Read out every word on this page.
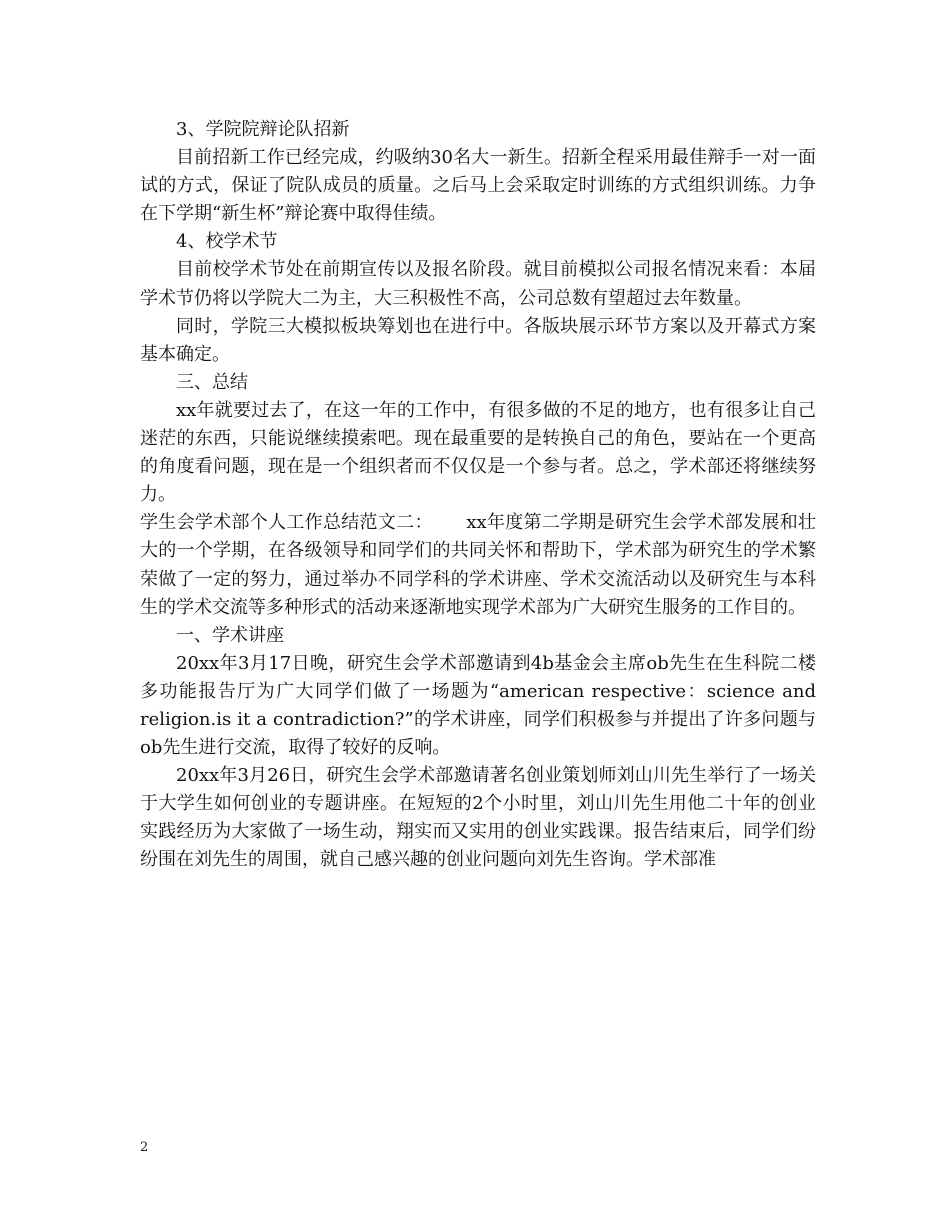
3、学院院辩论队招新

目前招新工作已经完成，约吸纳30名大一新生。招新全程采用最佳辩手一对一面试的方式，保证了院队成员的质量。之后马上会采取定时训练的方式组织训练。力争在下学期“新生杯”辩论赛中取得佳绩。

4、校学术节

目前校学术节处在前期宣传以及报名阶段。就目前模拟公司报名情况来看：本届学术节仍将以学院大二为主，大三积极性不高，公司总数有望超过去年数量。

同时，学院三大模拟板块筹划也在进行中。各版块展示环节方案以及开幕式方案基本确定。

三、总结

xx年就要过去了，在这一年的工作中，有很多做的不足的地方，也有很多让自己迷茫的东西，只能说继续摸索吧。现在最重要的是转换自己的角色，要站在一个更高的角度看问题，现在是一个组织者而不仅仅是一个参与者。总之，学术部还将继续努力。

学生会学术部个人工作总结范文二：　　 xx年度第二学期是研究生会学术部发展和壮大的一个学期，在各级领导和同学们的共同关怀和帮助下，学术部为研究生的学术繁荣做了一定的努力，通过举办不同学科的学术讲座、学术交流活动以及研究生与本科生的学术交流等多种形式的活动来逐渐地实现学术部为广大研究生服务的工作目的。

一、学术讲座

20xx年3月17日晚，研究生会学术部邀请到4b基金会主席ob先生在生科院二楼多功能报告厅为广大同学们做了一场题为“american respective：science and religion.is it a contradiction?”的学术讲座，同学们积极参与并提出了许多问题与ob先生进行交流，取得了较好的反响。

20xx年3月26日，研究生会学术部邀请著名创业策划师刘山川先生举行了一场关于大学生如何创业的专题讲座。在短短的2个小时里，刘山川先生用他二十年的创业实践经历为大家做了一场生动，翔实而又实用的创业实践课。报告结束后，同学们纷纷围在刘先生的周围，就自己感兴趣的创业问题向刘先生咨询。学术部准

2
